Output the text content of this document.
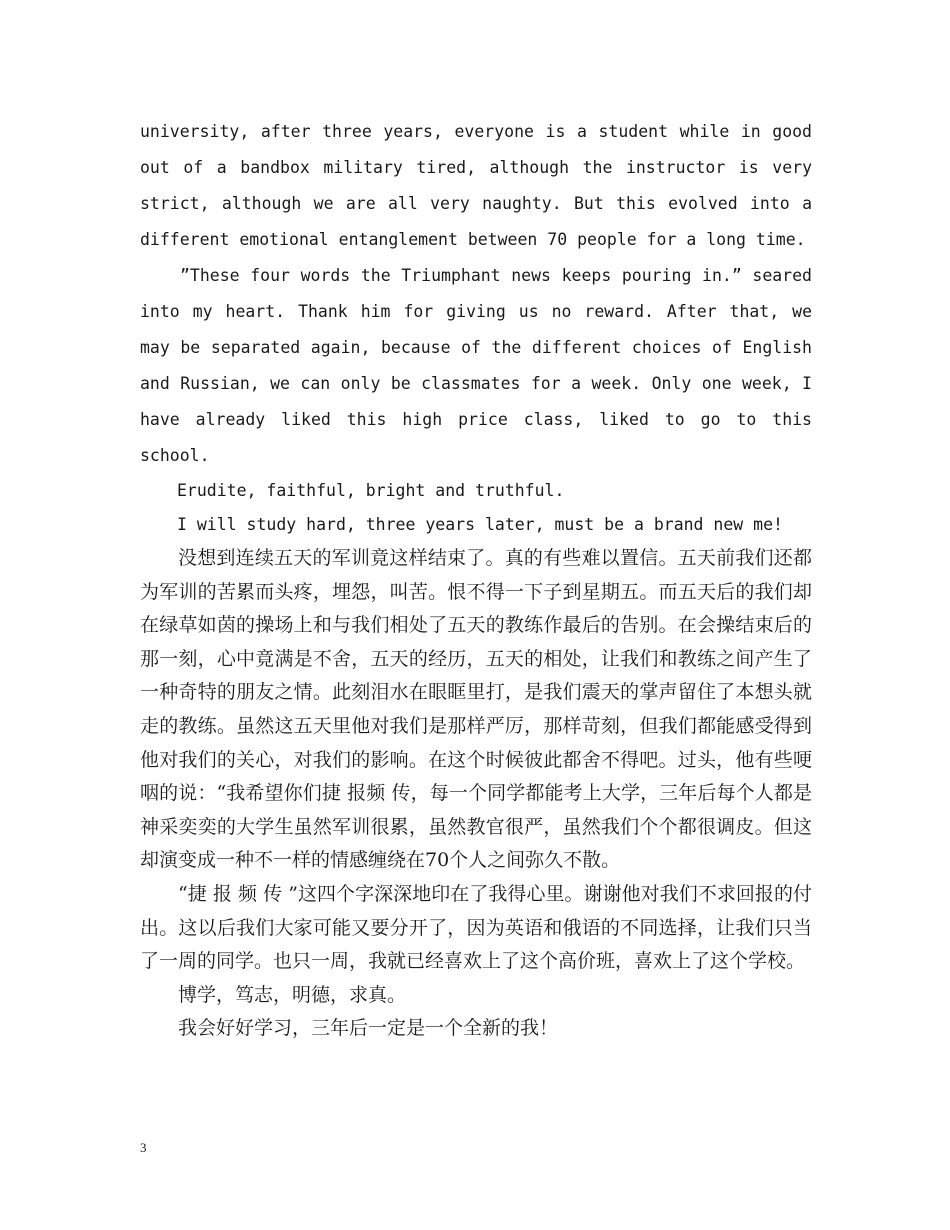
university, after three years, everyone is a student while in good out of a bandbox military tired, although the instructor is very strict, although we are all very naughty. But this evolved into a different emotional entanglement between 70 people for a long time.

”These four words the Triumphant news keeps pouring in.” seared into my heart. Thank him for giving us no reward. After that, we may be separated again, because of the different choices of English and Russian, we can only be classmates for a week. Only one week, I have already liked this high price class, liked to go to this school.

Erudite, faithful, bright and truthful.

I will study hard, three years later, must be a brand new me!

没想到连续五天的军训竟这样结束了。真的有些难以置信。五天前我们还都为军训的苦累而头疼，埋怨，叫苦。恨不得一下子到星期五。而五天后的我们却在绿草如茵的操场上和与我们相处了五天的教练作最后的告别。在会操结束后的那一刻，心中竟满是不舍，五天的经历，五天的相处，让我们和教练之间产生了一种奇特的朋友之情。此刻泪水在眼眶里打，是我们震天的掌声留住了本想头就走的教练。虽然这五天里他对我们是那样严厉，那样苛刻，但我们都能感受得到他对我们的关心，对我们的影响。在这个时候彼此都舍不得吧。过头，他有些哽咽的说：“我希望你们捷 报频 传，每一个同学都能考上大学，三年后每个人都是神采奕奕的大学生虽然军训很累，虽然教官很严，虽然我们个个都很调皮。但这却演变成一种不一样的情感缠绕在70个人之间弥久不散。

“捷 报 频 传 ”这四个字深深地印在了我得心里。谢谢他对我们不求回报的付出。这以后我们大家可能又要分开了，因为英语和俄语的不同选择，让我们只当了一周的同学。也只一周，我就已经喜欢上了这个高价班，喜欢上了这个学校。

博学，笃志，明德，求真。

我会好好学习，三年后一定是一个全新的我！

3
